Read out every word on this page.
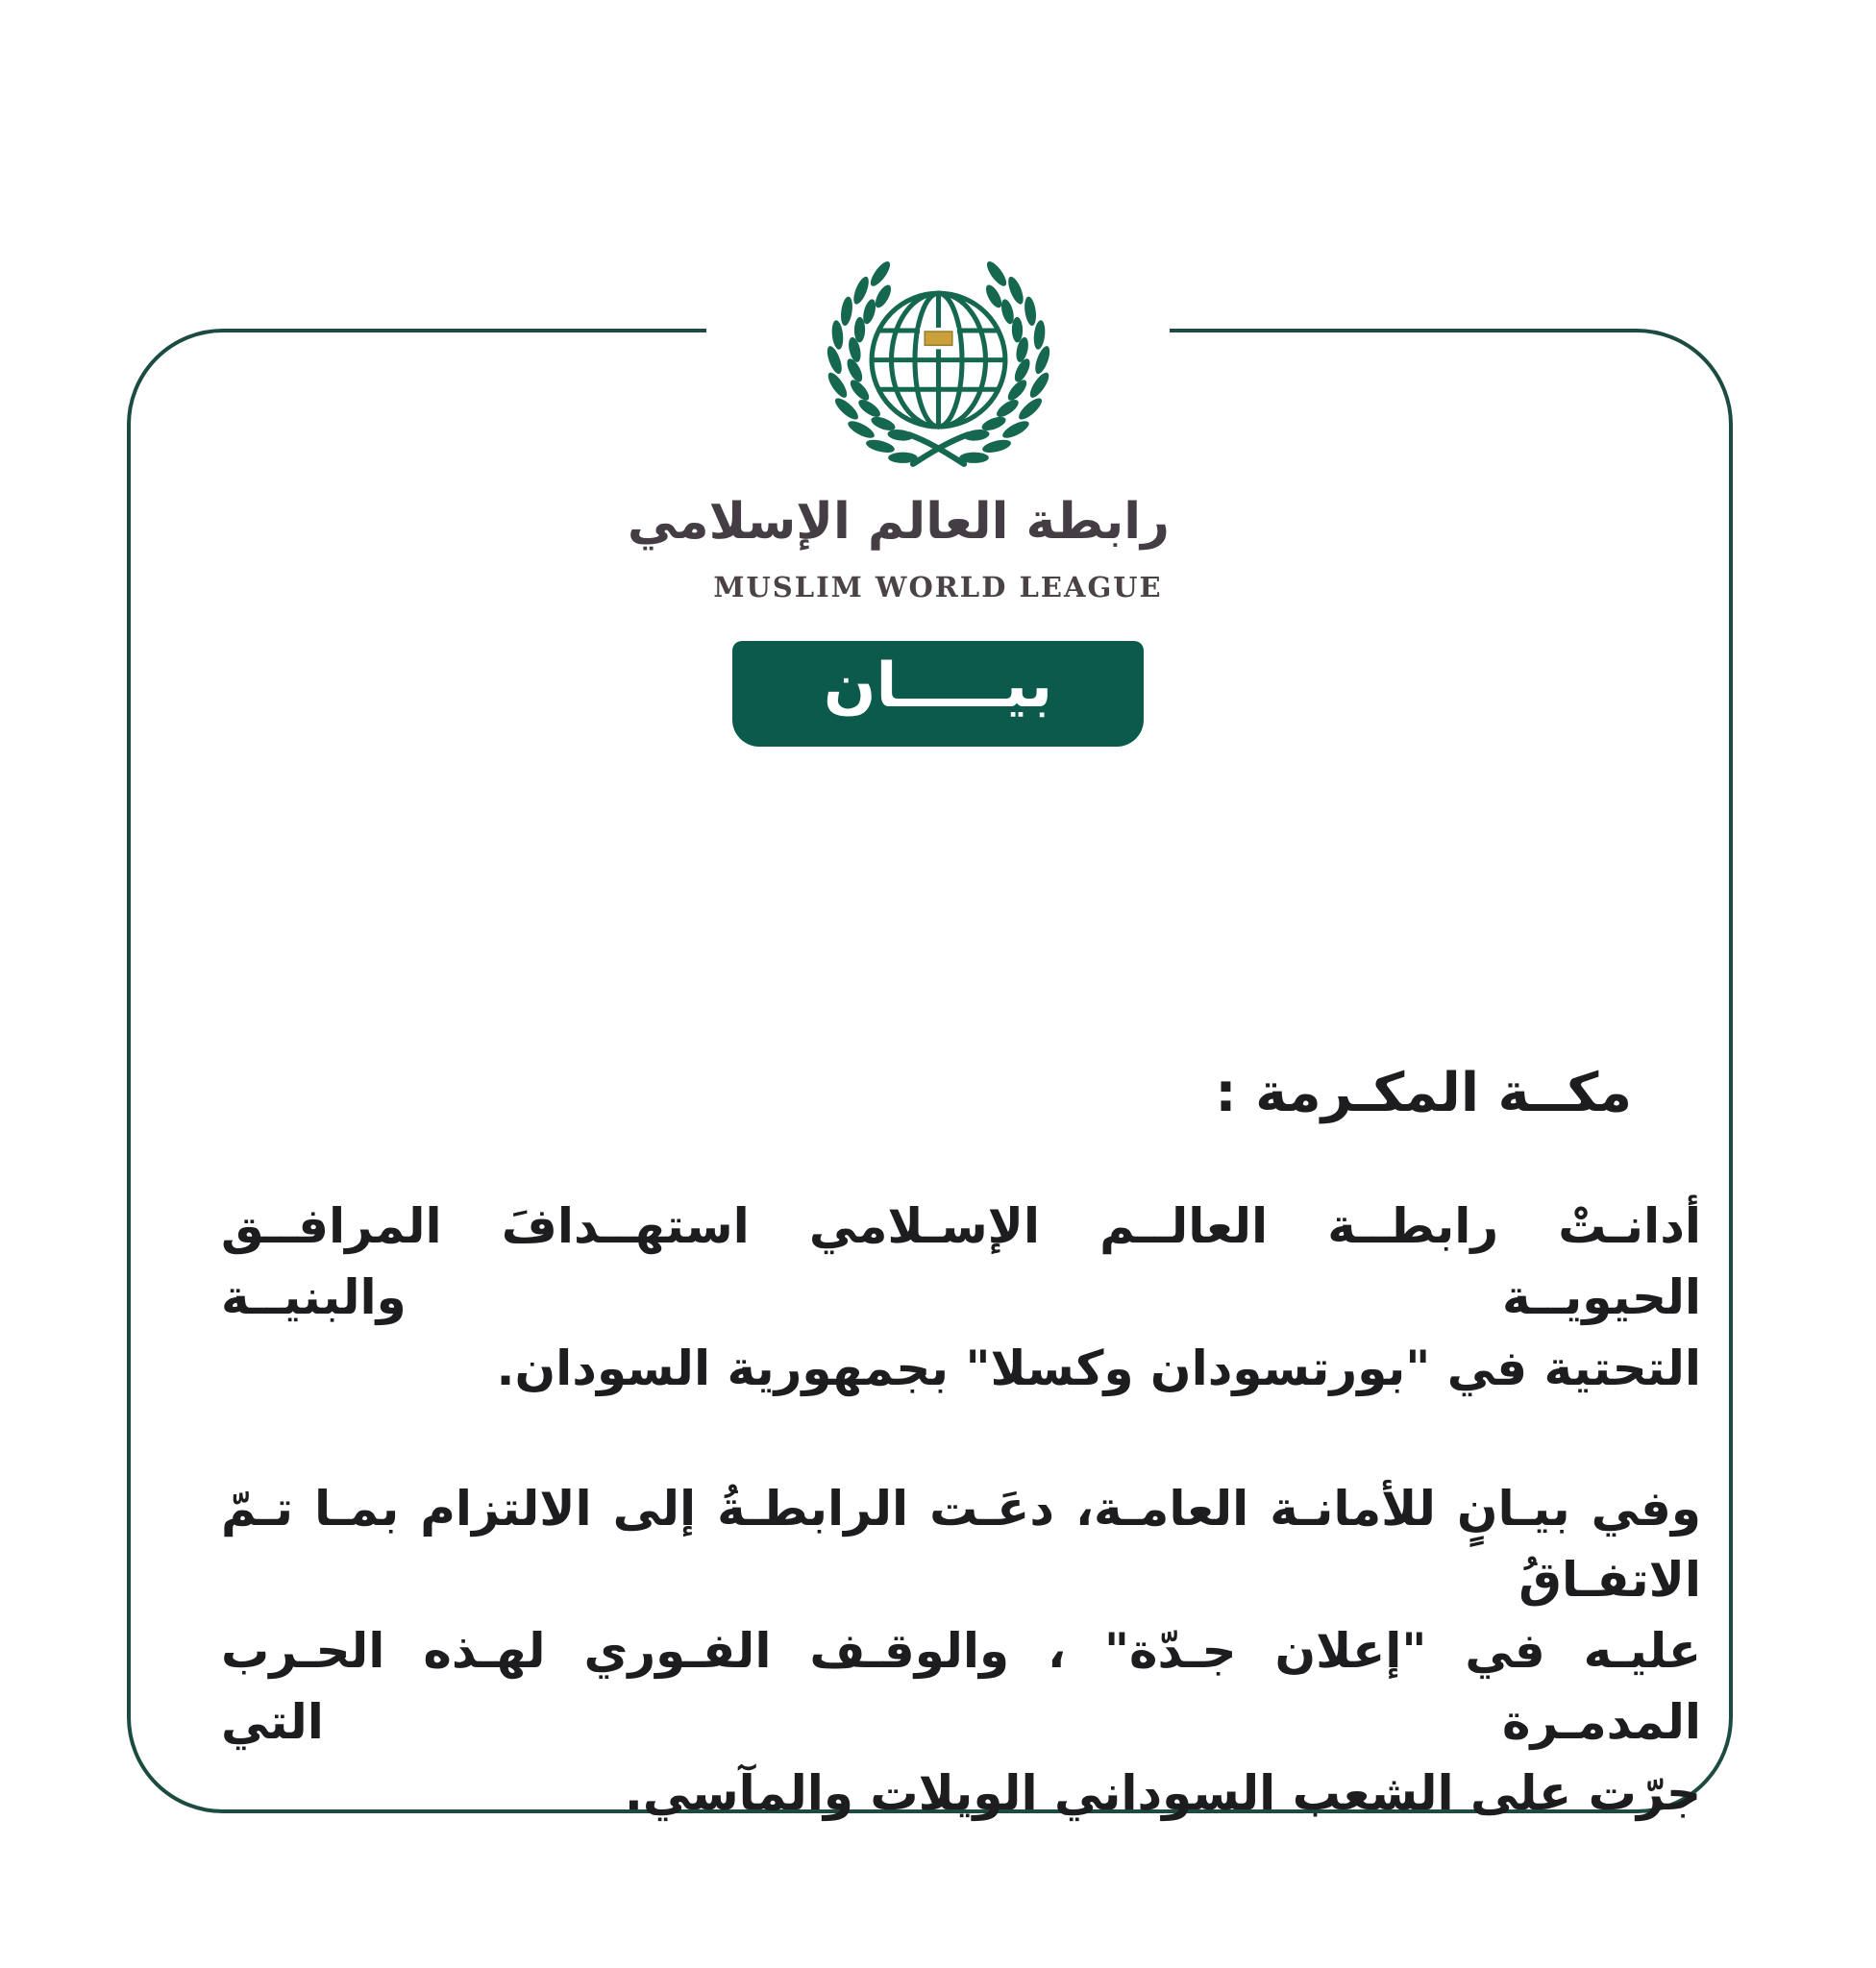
رابطة العالم الإسلامي
MUSLIM WORLD LEAGUE
بيـــــان
مكــة المكـرمة :
أدانـتْ رابطــة العالــم الإسـلامي استهــدافَ المرافــق الحيويــة والبنيــة
التحتية في "بورتسودان وكسلا" بجمهورية السودان.
وفي بيـانٍ للأمانـة العامـة، دعَـت الرابطـةُ إلى الالتزام بمـا تـمّ الاتفـاقُ
عليـه في "إعلان جـدّة" ، والوقـف الفـوري لهـذه الحـرب المدمـرة التي
جرّت على الشعب السوداني الويلات والمآسي.
